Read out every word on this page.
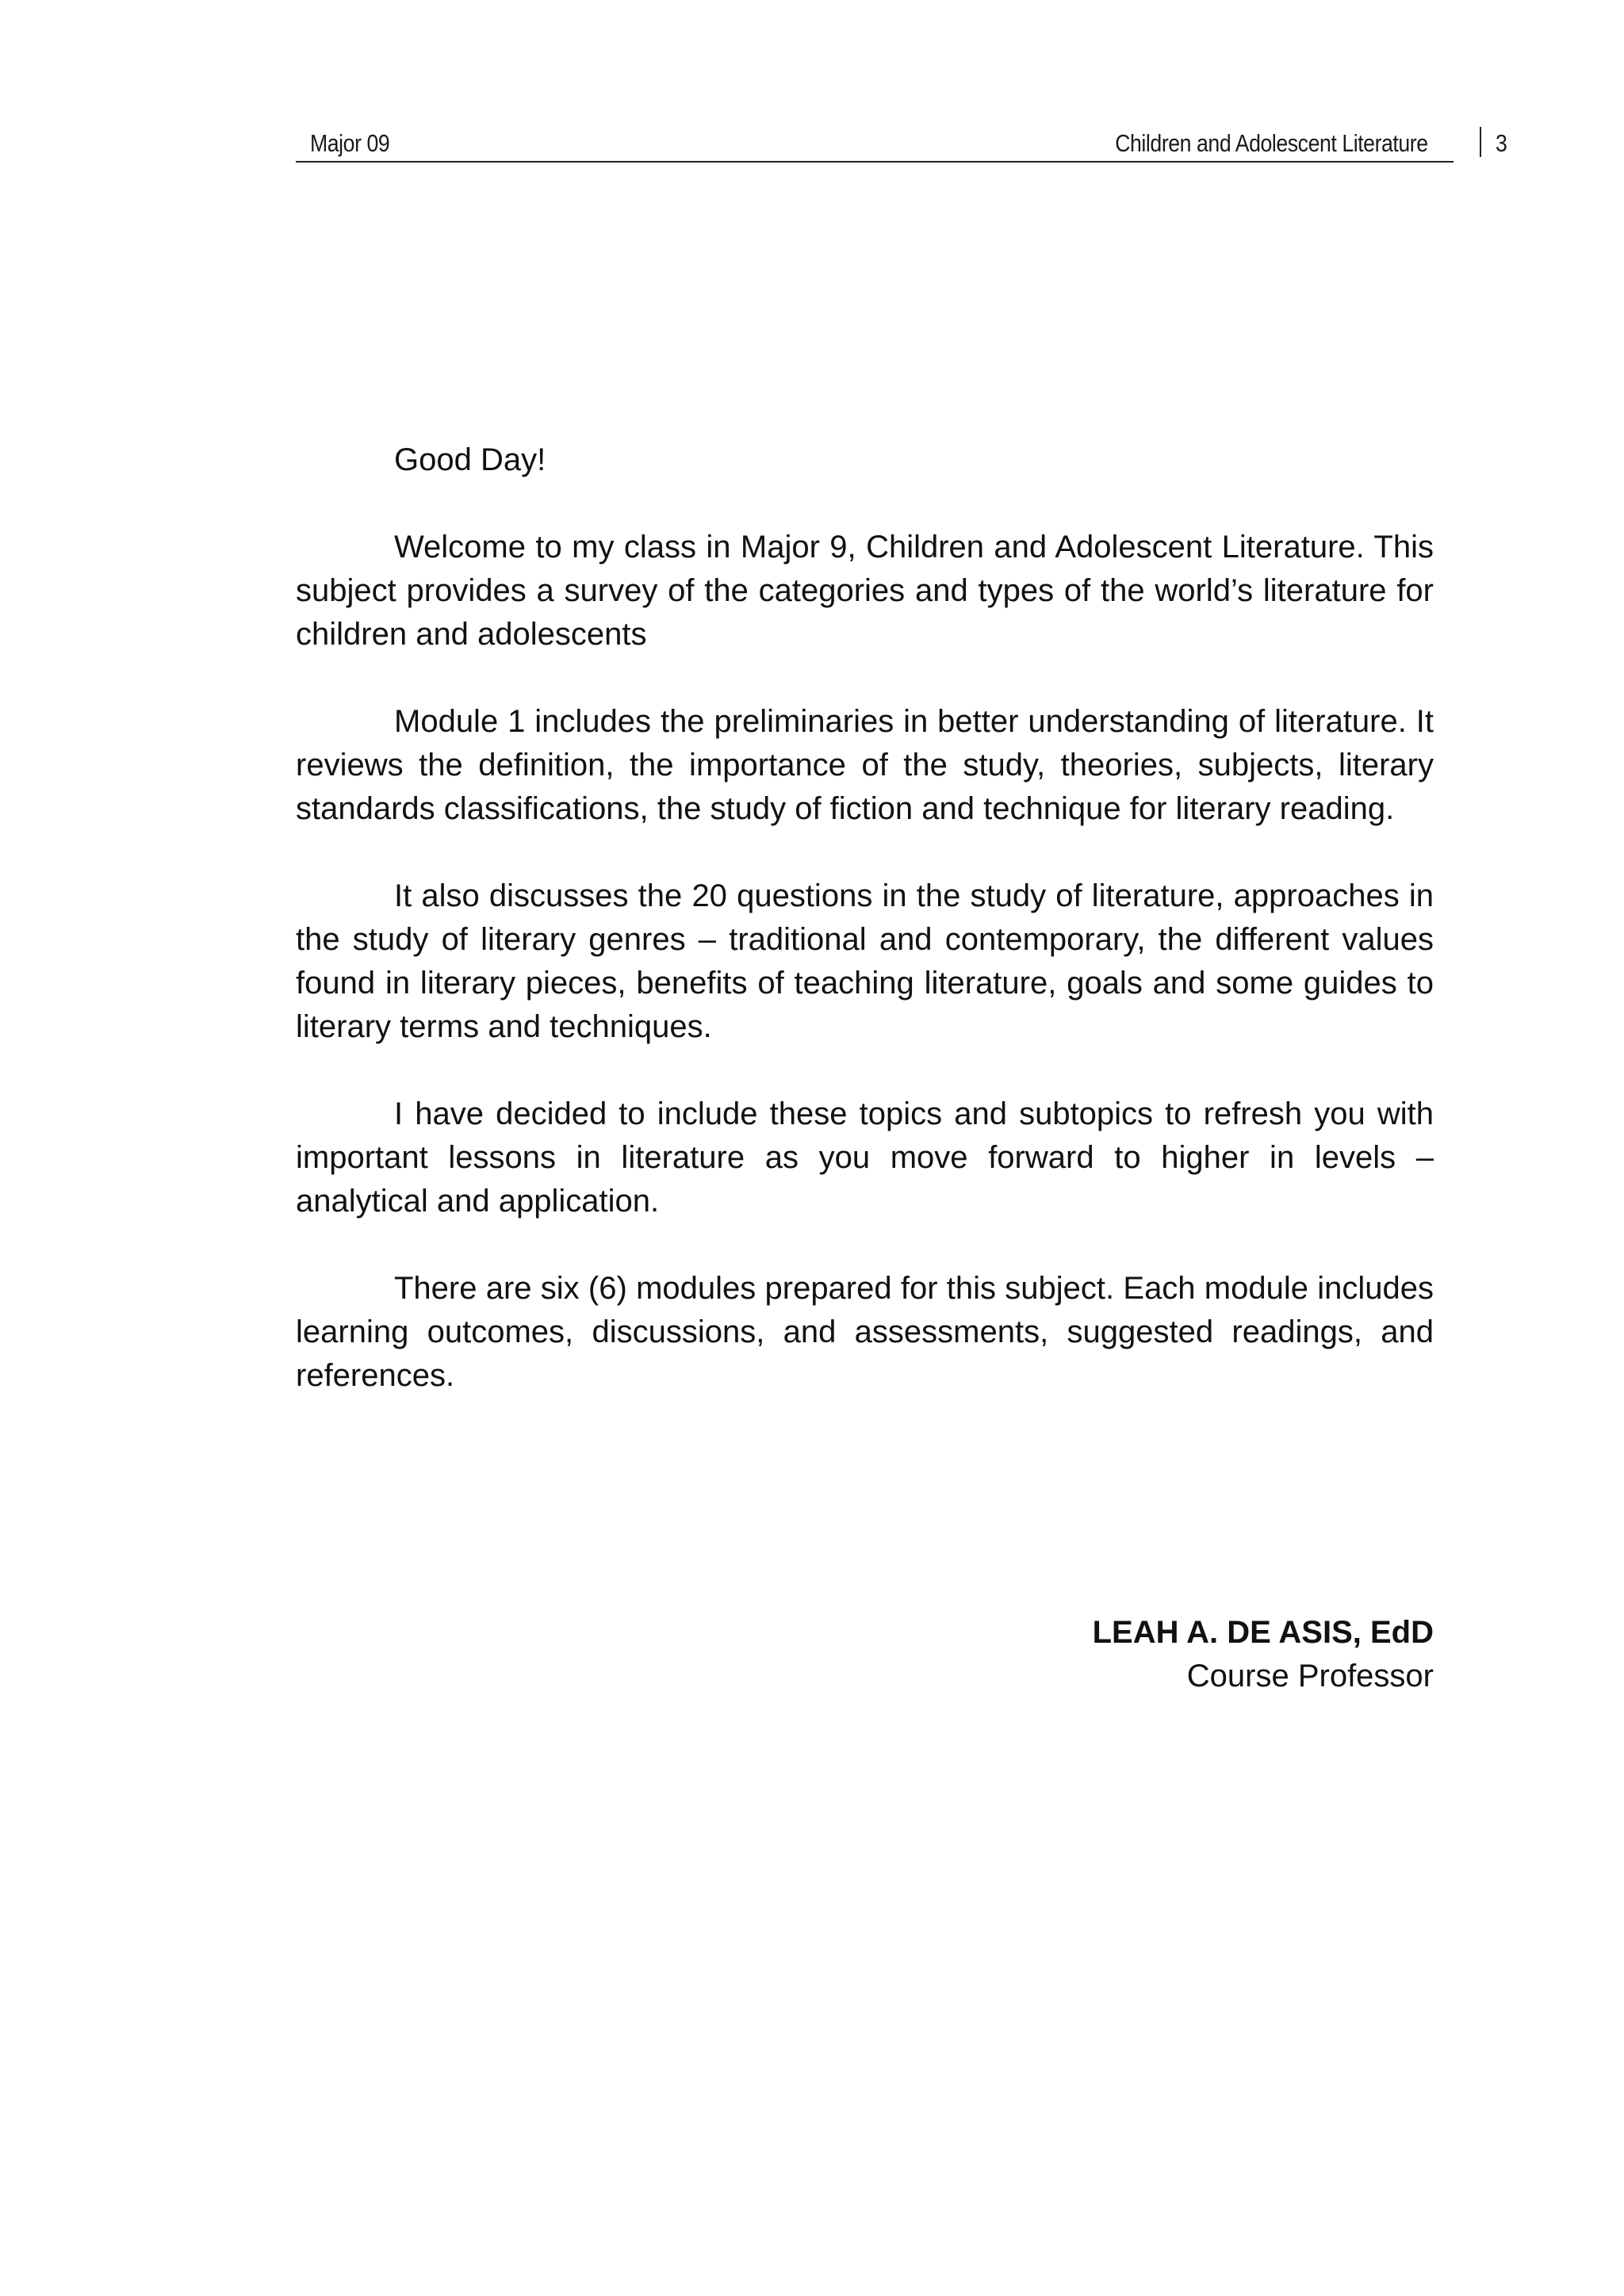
Major 09	Children and Adolescent Literature	3

Good Day!

Welcome to my class in Major 9, Children and Adolescent Literature. This subject provides a survey of the categories and types of the world’s literature for children and adolescents

Module 1 includes the preliminaries in better understanding of literature. It reviews the definition, the importance of the study, theories, subjects, literary standards classifications, the study of fiction and technique for literary reading.

It also discusses the 20 questions in the study of literature, approaches in the study of literary genres – traditional and contemporary, the different values found in literary pieces, benefits of teaching literature, goals and some guides to literary terms and techniques.

I have decided to include these topics and subtopics to refresh you with important lessons in literature as you move forward to higher in levels – analytical and application.

There are six (6) modules prepared for this subject. Each module includes learning outcomes, discussions, and assessments, suggested readings, and references.

LEAH A. DE ASIS, EdD
Course Professor
